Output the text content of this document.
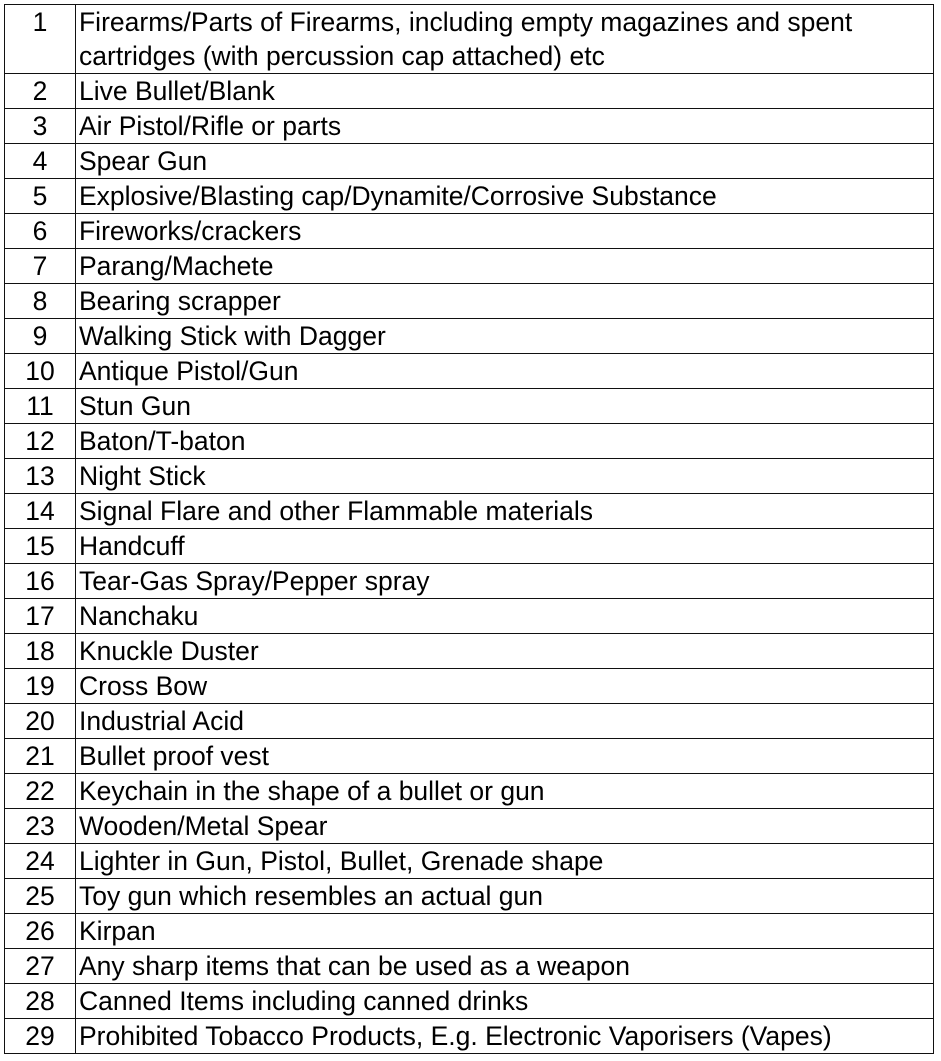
1	Firearms/Parts of Firearms, including empty magazines and spent cartridges (with percussion cap attached) etc
2	Live Bullet/Blank
3	Air Pistol/Rifle or parts
4	Spear Gun
5	Explosive/Blasting cap/Dynamite/Corrosive Substance
6	Fireworks/crackers
7	Parang/Machete
8	Bearing scrapper
9	Walking Stick with Dagger
10	Antique Pistol/Gun
11	Stun Gun
12	Baton/T-baton
13	Night Stick
14	Signal Flare and other Flammable materials
15	Handcuff
16	Tear-Gas Spray/Pepper spray
17	Nanchaku
18	Knuckle Duster
19	Cross Bow
20	Industrial Acid
21	Bullet proof vest
22	Keychain in the shape of a bullet or gun
23	Wooden/Metal Spear
24	Lighter in Gun, Pistol, Bullet, Grenade shape
25	Toy gun which resembles an actual gun
26	Kirpan
27	Any sharp items that can be used as a weapon
28	Canned Items including canned drinks
29	Prohibited Tobacco Products, E.g. Electronic Vaporisers (Vapes)
